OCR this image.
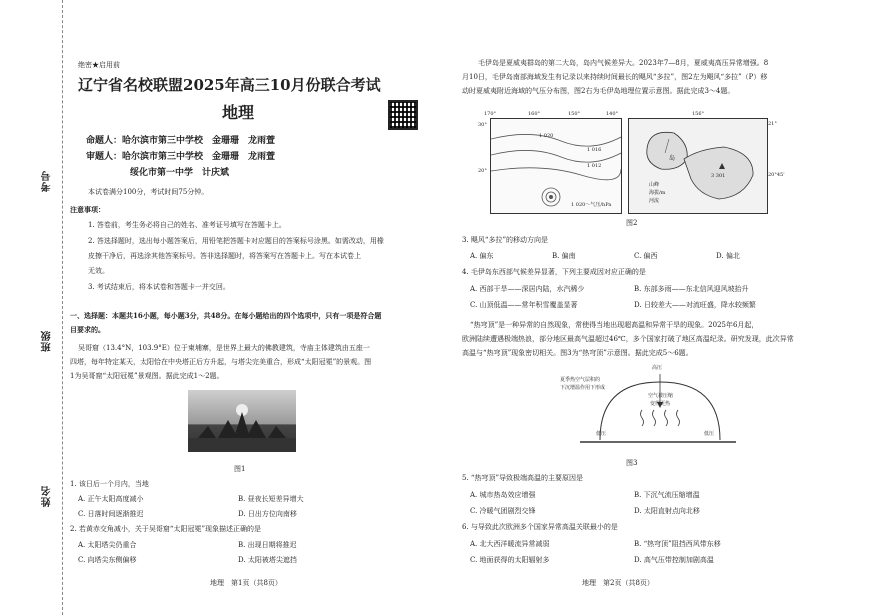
考号
班级
姓名
绝密★启用前
辽宁省名校联盟2025年高三10月份联合考试
地理
命题人：哈尔滨市第三中学校　金珊珊　龙雨萱
审题人：哈尔滨市第三中学校　金珊珊　龙雨萱
绥化市第一中学　计庆斌
本试卷满分100分，考试时间75分钟。
注意事项：
1. 答卷前，考生务必将自己的姓名、准考证号填写在答题卡上。
2. 答选择题时，选出每小题答案后，用铅笔把答题卡对应题目的答案标号涂黑。如需改动，用橡
皮擦干净后，再选涂其他答案标号。答非选择题时，将答案写在答题卡上。写在本试卷上
无效。
3. 考试结束后，将本试卷和答题卡一并交回。
一、选择题：本题共16小题，每小题3分，共48分。在每小题给出的四个选项中，只有一项是符合题
目要求的。
吴哥窟（13.4°N，103.9°E）位于柬埔寨，是世界上最大的佛教建筑，寺庙主体建筑由五座一
四塔，每年特定某天，太阳恰在中央塔正后方升起，与塔尖完美重合，形成“太阳冠冕”的景观。图
1为吴哥窟“太阳冠冕”景观图。据此完成1～2题。
图1
1. 该日后一个月内，当地
A. 正午太阳高度减小	B. 昼夜长短差异增大
C. 日落时间逐渐推迟	D. 日出方位向南移
2. 若黄赤交角减小，关于吴哥窟“太阳冠冕”现象描述正确的是
A. 太阳塔尖仍重合	B. 出现日期将推迟
C. 向塔尖东侧偏移	D. 太阳被塔尖遮挡
地理　第1页（共8页）
毛伊岛是夏威夷群岛的第二大岛，岛内气候差异大。2023年7—8月，夏威夷高压异常增强。8
月10日，毛伊岛南部海域发生有记录以来持续时间最长的飓风“多拉”，图2左为飓风“多拉”（P）移
动时夏威夷附近海域的气压分布图，图2右为毛伊岛地理位置示意图。据此完成3～4题。
1 020
1 016
1 012
1 020～气压/hPa
170°	160°	150°	140°
30°
20°
岛
3 301
山峰
海拔/m
河流
156°
21°
20°45'
图2
3. 飓风“多拉”的移动方向是
A. 偏东	B. 偏南	C. 偏西	D. 偏北
4. 毛伊岛东西部气候差异显著，下列主要成因对应正确的是
A. 西部干旱——深居内陆，水汽稀少	B. 东部多雨——东北信风迎风坡抬升
C. 山顶低温——常年积雪覆盖显著	D. 日较差大——对流旺盛，降水较频繁
“热穹顶”是一种异常的自然现象，常使得当地出现超高温和异常干旱的现象。2025年6月起，
欧洲陆续遭遇极端热浪，部分地区最高气温超过46℃，多个国家打破了地区高温纪录。研究发现，此次异常
高温与“热穹顶”现象密切相关。图3为“热穹顶”示意图。据此完成5～6题。
高压
夏季热空气层积的
下沉增温作用下形成
空气被压缩
变得更热
低压	低压
图3
5. “热穹顶”导致极端高温的主要原因是
A. 城市热岛效应增强	B. 下沉气流压缩增温
C. 冷暖气团剧烈交锋	D. 太阳直射点向北移
6. 与导致此次欧洲多个国家异常高温关联最小的是
A. 北大西洋暖流异常减弱	B. “热穹顶”阻挡西风带东移
C. 地面获得的太阳辐射多	D. 高气压带控制加剧高温
地理　第2页（共8页）
